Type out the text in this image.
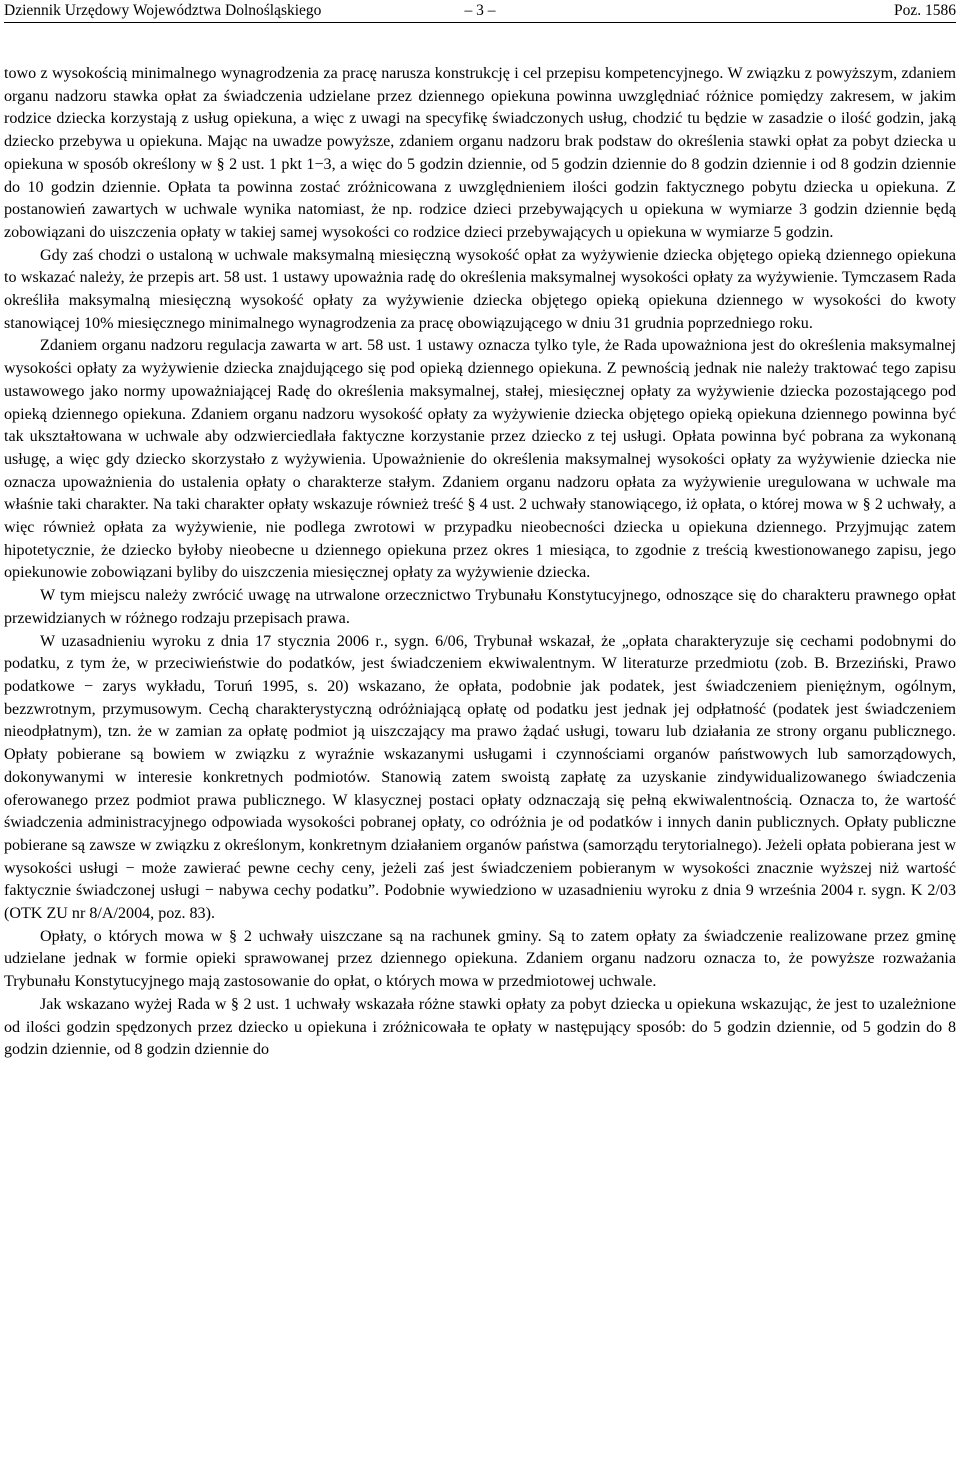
Dziennik Urzędowy Województwa Dolnośląskiego	– 3 –	Poz. 1586

towo z wysokością minimalnego wynagrodzenia za pracę narusza konstrukcję i cel przepisu kompetencyjnego. W związku z powyższym, zdaniem organu nadzoru stawka opłat za świadczenia udzielane przez dziennego opiekuna powinna uwzględniać różnice pomiędzy zakresem, w jakim rodzice dziecka korzystają z usług opiekuna, a więc z uwagi na specyfikę świadczonych usług, chodzić tu będzie w zasadzie o ilość godzin, jaką dziecko przebywa u opiekuna. Mając na uwadze powyższe, zdaniem organu nadzoru brak podstaw do określenia stawki opłat za pobyt dziecka u opiekuna w sposób określony w § 2 ust. 1 pkt 1−3, a więc do 5 godzin dziennie, od 5 godzin dziennie do 8 godzin dziennie i od 8 godzin dziennie do 10 godzin dziennie. Opłata ta powinna zostać zróżnicowana z uwzględnieniem ilości godzin faktycznego pobytu dziecka u opiekuna. Z postanowień zawartych w uchwale wynika natomiast, że np. rodzice dzieci przebywających u opiekuna w wymiarze 3 godzin dziennie będą zobowiązani do uiszczenia opłaty w takiej samej wysokości co rodzice dzieci przebywających u opiekuna w wymiarze 5 godzin.

Gdy zaś chodzi o ustaloną w uchwale maksymalną miesięczną wysokość opłat za wyżywienie dziecka objętego opieką dziennego opiekuna to wskazać należy, że przepis art. 58 ust. 1 ustawy upoważnia radę do określenia maksymalnej wysokości opłaty za wyżywienie. Tymczasem Rada określiła maksymalną miesięczną wysokość opłaty za wyżywienie dziecka objętego opieką opiekuna dziennego w wysokości do kwoty stanowiącej 10% miesięcznego minimalnego wynagrodzenia za pracę obowiązującego w dniu 31 grudnia poprzedniego roku.

Zdaniem organu nadzoru regulacja zawarta w art. 58 ust. 1 ustawy oznacza tylko tyle, że Rada upoważniona jest do określenia maksymalnej wysokości opłaty za wyżywienie dziecka znajdującego się pod opieką dziennego opiekuna. Z pewnością jednak nie należy traktować tego zapisu ustawowego jako normy upoważniającej Radę do określenia maksymalnej, stałej, miesięcznej opłaty za wyżywienie dziecka pozostającego pod opieką dziennego opiekuna. Zdaniem organu nadzoru wysokość opłaty za wyżywienie dziecka objętego opieką opiekuna dziennego powinna być tak ukształtowana w uchwale aby odzwierciedlała faktyczne korzystanie przez dziecko z tej usługi. Opłata powinna być pobrana za wykonaną usługę, a więc gdy dziecko skorzystało z wyżywienia. Upoważnienie do określenia maksymalnej wysokości opłaty za wyżywienie dziecka nie oznacza upoważnienia do ustalenia opłaty o charakterze stałym. Zdaniem organu nadzoru opłata za wyżywienie uregulowana w uchwale ma właśnie taki charakter. Na taki charakter opłaty wskazuje również treść § 4 ust. 2 uchwały stanowiącego, iż opłata, o której mowa w § 2 uchwały, a więc również opłata za wyżywienie, nie podlega zwrotowi w przypadku nieobecności dziecka u opiekuna dziennego. Przyjmując zatem hipotetycznie, że dziecko byłoby nieobecne u dziennego opiekuna przez okres 1 miesiąca, to zgodnie z treścią kwestionowanego zapisu, jego opiekunowie zobowiązani byliby do uiszczenia miesięcznej opłaty za wyżywienie dziecka.

W tym miejscu należy zwrócić uwagę na utrwalone orzecznictwo Trybunału Konstytucyjnego, odnoszące się do charakteru prawnego opłat przewidzianych w różnego rodzaju przepisach prawa.

W uzasadnieniu wyroku z dnia 17 stycznia 2006 r., sygn. 6/06, Trybunał wskazał, że „opłata charakteryzuje się cechami podobnymi do podatku, z tym że, w przeciwieństwie do podatków, jest świadczeniem ekwiwalentnym. W literaturze przedmiotu (zob. B. Brzeziński, Prawo podatkowe − zarys wykładu, Toruń 1995, s. 20) wskazano, że opłata, podobnie jak podatek, jest świadczeniem pieniężnym, ogólnym, bezzwrotnym, przymusowym. Cechą charakterystyczną odróżniającą opłatę od podatku jest jednak jej odpłatność (podatek jest świadczeniem nieodpłatnym), tzn. że w zamian za opłatę podmiot ją uiszczający ma prawo żądać usługi, towaru lub działania ze strony organu publicznego. Opłaty pobierane są bowiem w związku z wyraźnie wskazanymi usługami i czynnościami organów państwowych lub samorządowych, dokonywanymi w interesie konkretnych podmiotów. Stanowią zatem swoistą zapłatę za uzyskanie zindywidualizowanego świadczenia oferowanego przez podmiot prawa publicznego. W klasycznej postaci opłaty odznaczają się pełną ekwiwalentnością. Oznacza to, że wartość świadczenia administracyjnego odpowiada wysokości pobranej opłaty, co odróżnia je od podatków i innych danin publicznych. Opłaty publiczne pobierane są zawsze w związku z określonym, konkretnym działaniem organów państwa (samorządu terytorialnego). Jeżeli opłata pobierana jest w wysokości usługi − może zawierać pewne cechy ceny, jeżeli zaś jest świadczeniem pobieranym w wysokości znacznie wyższej niż wartość faktycznie świadczonej usługi − nabywa cechy podatku”. Podobnie wywiedziono w uzasadnieniu wyroku z dnia 9 września 2004 r. sygn. K 2/03 (OTK ZU nr 8/A/2004, poz. 83).

Opłaty, o których mowa w § 2 uchwały uiszczane są na rachunek gminy. Są to zatem opłaty za świadczenie realizowane przez gminę udzielane jednak w formie opieki sprawowanej przez dziennego opiekuna. Zdaniem organu nadzoru oznacza to, że powyższe rozważania Trybunału Konstytucyjnego mają zastosowanie do opłat, o których mowa w przedmiotowej uchwale.

Jak wskazano wyżej Rada w § 2 ust. 1 uchwały wskazała różne stawki opłaty za pobyt dziecka u opiekuna wskazując, że jest to uzależnione od ilości godzin spędzonych przez dziecko u opiekuna i zróżnicowała te opłaty w następujący sposób: do 5 godzin dziennie, od 5 godzin do 8 godzin dziennie, od 8 godzin dziennie do
